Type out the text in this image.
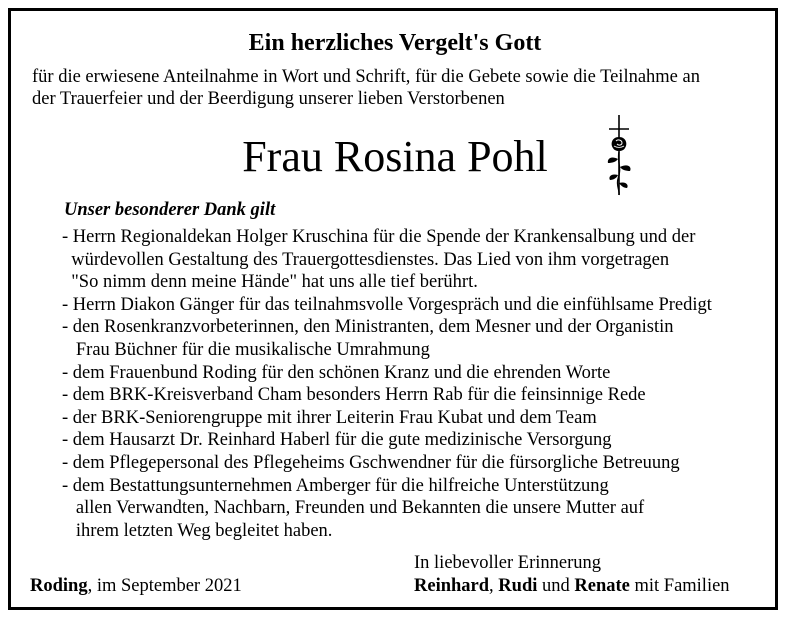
Ein herzliches Vergelt's Gott
für die erwiesene Anteilnahme in Wort und Schrift, für die Gebete sowie die Teilnahme an
der Trauerfeier und der Beerdigung unserer lieben Verstorbenen
Frau Rosina Pohl
Unser besonderer Dank gilt
- Herrn Regionaldekan Holger Kruschina für die Spende der Krankensalbung und der
würdevollen Gestaltung des Trauergottesdienstes. Das Lied von ihm vorgetragen
"So nimm denn meine Hände" hat uns alle tief berührt.
- Herrn Diakon Gänger für das teilnahmsvolle Vorgespräch und die einfühlsame Predigt
- den Rosenkranzvorbeterinnen, den Ministranten, dem Mesner und der Organistin
Frau Büchner für die musikalische Umrahmung
- dem Frauenbund Roding für den schönen Kranz und die ehrenden Worte
- dem BRK-Kreisverband Cham besonders Herrn Rab für die feinsinnige Rede
- der BRK-Seniorengruppe mit ihrer Leiterin Frau Kubat und dem Team
- dem Hausarzt Dr. Reinhard Haberl für die gute medizinische Versorgung
- dem Pflegepersonal des Pflegeheims Gschwendner für die fürsorgliche Betreuung
- dem Bestattungsunternehmen Amberger für die hilfreiche Unterstützung
allen Verwandten, Nachbarn, Freunden und Bekannten die unsere Mutter auf
ihrem letzten Weg begleitet haben.
Roding, im September 2021
In liebevoller Erinnerung
Reinhard, Rudi und Renate mit Familien
